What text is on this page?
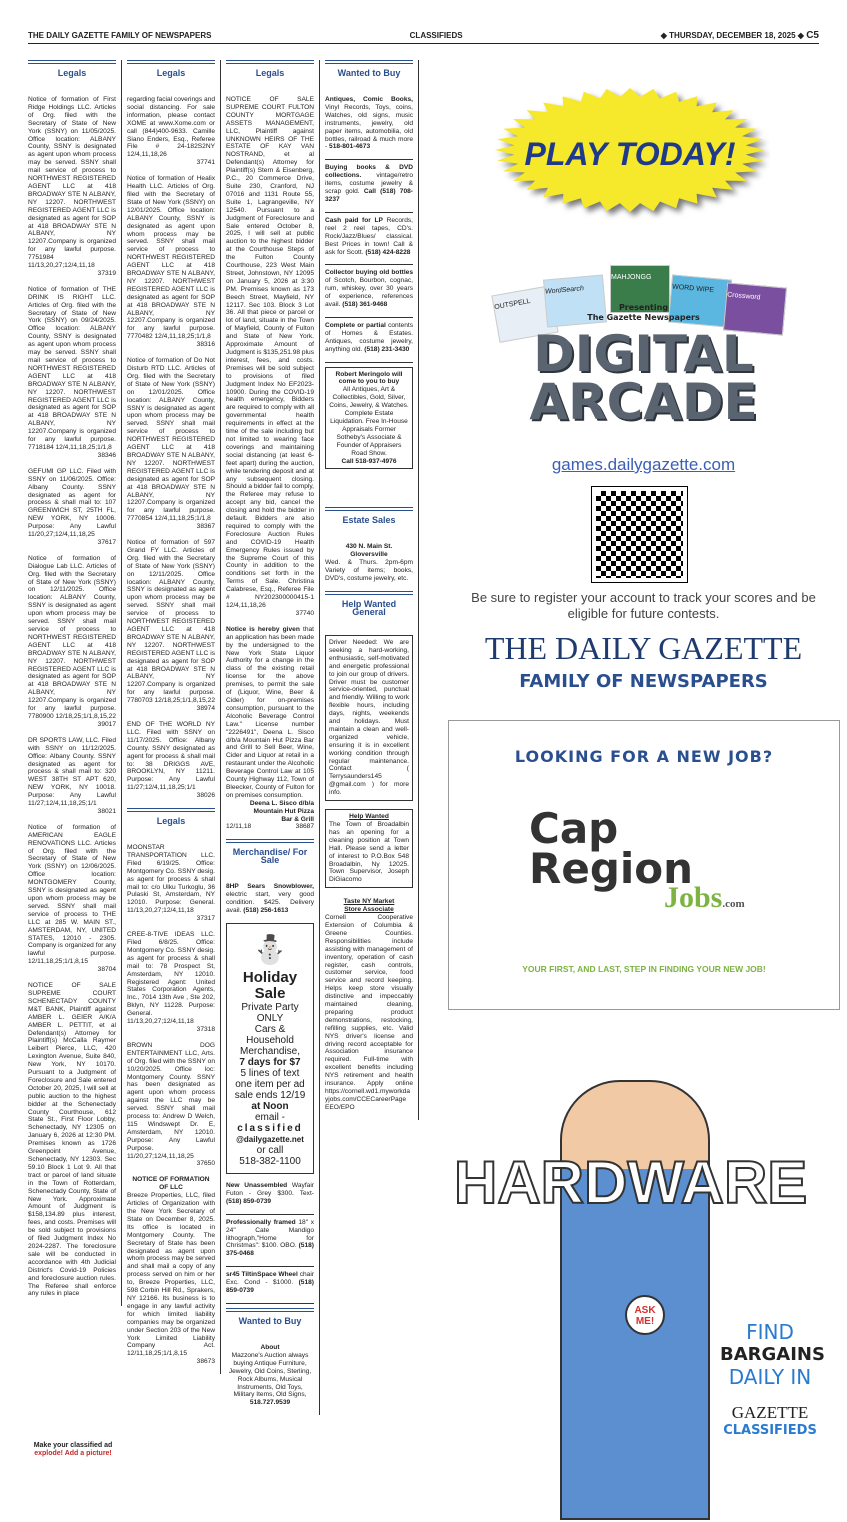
THE DAILY GAZETTE FAMILY OF NEWSPAPERS	CLASSIFIEDS	◆ THURSDAY, DECEMBER 18, 2025 ◆ C5
Legals

Notice of formation of First Ridge Holdings LLC. Articles of Org. filed with the Secretary of State of New York (SSNY) on 11/05/2025. Office location: ALBANY County, SSNY is designated as agent upon whom process may be served. SSNY shall mail service of process to NORTHWEST REGISTERED AGENT LLC at 418 BROADWAY STE N ALBANY, NY 12207. NORTHWEST REGISTERED AGENT LLC is designated as agent for SOP at 418 BROADWAY STE N ALBANY, NY 12207.Company is organized for any lawful purpose. 7751984 11/13,20,27;12/4,11,18

37319

Notice of formation of THE DRINK IS RIGHT LLC. Articles of Org. filed with the Secretary of State of New York (SSNY) on 09/24/2025. Office location: ALBANY County, SSNY is designated as agent upon whom process may be served. SSNY shall mail service of process to NORTHWEST REGISTERED AGENT LLC at 418 BROADWAY STE N ALBANY, NY 12207. NORTHWEST REGISTERED AGENT LLC is designated as agent for SOP at 418 BROADWAY STE N ALBANY, NY 12207.Company is organized for any lawful purpose. 7718184 12/4,11,18,25;1/1,8

38346

GEFUMI GP LLC. Filed with SSNY on 11/06/2025. Office: Albany County. SSNY designated as agent for process & shall mail to: 107 GREENWICH ST, 25TH FL, NEW YORK, NY 10006. Purpose: Any Lawful 11/20,27;12/4,11,18,25

37617

Notice of formation of Dialogue Lab LLC. Articles of Org. filed with the Secretary of State of New York (SSNY) on 12/11/2025. Office location: ALBANY County, SSNY is designated as agent upon whom process may be served. SSNY shall mail service of process to NORTHWEST REGISTERED AGENT LLC at 418 BROADWAY STE N ALBANY, NY 12207. NORTHWEST REGISTERED AGENT LLC is designated as agent for SOP at 418 BROADWAY STE N ALBANY, NY 12207.Company is organized for any lawful purpose. 7780900 12/18,25;1/1,8,15,22

39017

DR SPORTS LAW, LLC. Filed with SSNY on 11/12/2025. Office: Albany County. SSNY designated as agent for process & shall mail to: 320 WEST 38TH ST APT 620, NEW YORK, NY 10018. Purpose: Any Lawful 11/27;12/4,11,18,25;1/1

38021

Notice of formation of AMERICAN EAGLE RENOVATIONS LLC. Articles of Org. filed with the Secretary of State of New York (SSNY) on 12/06/2025. Office location: MONTGOMERY County, SSNY is designated as agent upon whom process may be served. SSNY shall mail service of process to THE LLC at 285 W. MAIN ST., AMSTERDAM, NY, UNITED STATES, 12010 - 2305. Company is organized for any lawful purpose. 12/11,18,25;1/1,8,15

38704

NOTICE OF SALE SUPREME COURT SCHENECTADY COUNTY M&T BANK, Plaintiff against AMBER L. GEIER A/K/A AMBER L. PETTIT, et al Defendant(s) Attorney for Plaintiff(s) McCalla Raymer Leibert Pierce, LLC, 420 Lexington Avenue, Suite 840, New York, NY 10170. Pursuant to a Judgment of Foreclosure and Sale entered October 20, 2025, I will sell at public auction to the highest bidder at the Schenectady County Courthouse, 612 State St., First Floor Lobby, Schenectady, NY 12305 on January 6, 2026 at 12:30 PM. Premises known as 1726 Greenpoint Avenue, Schenectady, NY 12303. Sec 59.10 Block 1 Lot 9. All that tract or parcel of land situate in the Town of Rotterdam, Schenectady County, State of New York. Approximate Amount of Judgment is $158,134.89 plus interest, fees, and costs. Premises will be sold subject to provisions of filed Judgment Index No 2024-2287. The foreclosure sale will be conducted in accordance with 4th Judicial District's Covid-19 Policies and foreclosure auction rules. The Referee shall enforce any rules in place

Make your classified ad
explode! Add a picture!
Legals

regarding facial coverings and social distancing. For sale information, please contact XOME at www.Xome.com or call (844)400-9633. Camille Siano Enders, Esq., Referee File # 24-182S2NY 12/4,11,18,26

37741

Notice of formation of Healix Health LLC. Articles of Org. filed with the Secretary of State of New York (SSNY) on 12/01/2025. Office location: ALBANY County, SSNY is designated as agent upon whom process may be served. SSNY shall mail service of process to NORTHWEST REGISTERED AGENT LLC at 418 BROADWAY STE N ALBANY, NY 12207. NORTHWEST REGISTERED AGENT LLC is designated as agent for SOP at 418 BROADWAY STE N ALBANY, NY 12207.Company is organized for any lawful purpose. 7770482 12/4,11,18,25;1/1,8

38316

Notice of formation of Do Not Disturb RTD LLC. Articles of Org. filed with the Secretary of State of New York (SSNY) on 12/01/2025. Office location: ALBANY County, SSNY is designated as agent upon whom process may be served. SSNY shall mail service of process to NORTHWEST REGISTERED AGENT LLC at 418 BROADWAY STE N ALBANY, NY 12207. NORTHWEST REGISTERED AGENT LLC is designated as agent for SOP at 418 BROADWAY STE N ALBANY, NY 12207.Company is organized for any lawful purpose. 7770854 12/4,11,18,25;1/1,8

38367

Notice of formation of 597 Grand FY LLC. Articles of Org. filed with the Secretary of State of New York (SSNY) on 12/11/2025. Office location: ALBANY County, SSNY is designated as agent upon whom process may be served. SSNY shall mail service of process to NORTHWEST REGISTERED AGENT LLC at 418 BROADWAY STE N ALBANY, NY 12207. NORTHWEST REGISTERED AGENT LLC is designated as agent for SOP at 418 BROADWAY STE N ALBANY, NY 12207.Company is organized for any lawful purpose. 7780703 12/18,25;1/1,8,15,22

38974

END OF THE WORLD NY LLC. Filed with SSNY on 11/17/2025. Office: Albany County. SSNY designated as agent for process & shall mail to: 38 DRIGGS AVE, BROOKLYN, NY 11211. Purpose: Any Lawful 11/27;12/4,11,18,25;1/1

38026

Legals

MOONSTAR TRANSPORTATION LLC. Filed 6/19/25. Office: Montgomery Co. SSNY desig. as agent for process & shall mail to: c/o Ulku Turkoglu, 36 Pulaski St, Amsterdam, NY 12010. Purpose: General. 11/13,20,27;12/4,11,18

37317

CREE-8-TIVE IDEAS LLC. Filed 6/8/25. Office: Montgomery Co. SSNY desig. as agent for process & shall mail to: 78 Prospect St, Amsterdam, NY 12010. Registered Agent: United States Corporation Agents, Inc., 7014 13th Ave , Ste 202, Bklyn, NY 11228. Purpose: General. 11/13,20,27;12/4,11,18

37318

BROWN DOG ENTERTAINMENT LLC, Arts. of Org. filed with the SSNY on 10/20/2025. Office loc: Montgomery County. SSNY has been designated as agent upon whom process against the LLC may be served. SSNY shall mail process to: Andrew D Welch, 115 Windswept Dr. E, Amsterdam, NY 12010. Purpose: Any Lawful Purpose. 11/20,27;12/4,11,18,25

37650

NOTICE OF FORMATION OF LLC

Breeze Properties, LLC, filed Articles of Organization with the New York Secretary of State on December 8, 2025. Its office is located in Montgomery County. The Secretary of State has been designated as agent upon whom process may be served and shall mail a copy of any process served on him or her to, Breeze Properties, LLC, 598 Corbin Hill Rd., Sprakers, NY 12166. Its business is to engage in any lawful activity for which limited liability companies may be organized under Section 203 of the New York Limited Liability Company Act. 12/11,18,25;1/1,8,15

38673

Legals

NOTICE OF SALE SUPREME COURT FULTON COUNTY MORTGAGE ASSETS MANAGEMENT, LLC, Plaintiff against UNKNOWN HEIRS OF THE ESTATE OF KAY VAN NOSTRAND, et al Defendant(s) Attorney for Plaintiff(s) Stern & Eisenberg, P.C., 20 Commerce Drive, Suite 230, Cranford, NJ 07016 and 1131 Route 55, Suite 1, Lagrangeville, NY 12540. Pursuant to a Judgment of Foreclosure and Sale entered October 8, 2025, I will sell at public auction to the highest bidder at the Courthouse Steps of the Fulton County Courthouse, 223 West Main Street, Johnstown, NY 12095 on January 5, 2026 at 3:30 PM. Premises known as 173 Beech Street, Mayfield, NY 12117. Sec 103. Block 3 Lot 36. All that piece or parcel or lot of land, situate in the Town of Mayfield, County of Fulton and State of New York. Approximate Amount of Judgment is $135,251.98 plus interest, fees, and costs. Premises will be sold subject to provisions of filed Judgment Index No EF2023-10900. During the COVID-19 health emergency, Bidders are required to comply with all governmental health requirements in effect at the time of the sale including but not limited to wearing face coverings and maintaining social distancing (at least 6-feet apart) during the auction, while tendering deposit and at any subsequent closing. Should a bidder fail to comply, the Referee may refuse to accept any bid, cancel the closing and hold the bidder in default. Bidders are also required to comply with the Foreclosure Auction Rules and COVID-19 Health Emergency Rules issued by the Supreme Court of this County in addition to the conditions set forth in the Terms of Sale. Christina Calabrese, Esq., Referee File # NY202300000415-1 12/4,11,18,26

37740

Notice is hereby given that an application has been made by the undersigned to the New York State Liquor Authority for a change in the class of the existing retail license for the above premises, to permit the sale of (Liquor, Wine, Beer & Cider) for on-premises consumption, pursuant to the Alcoholic Beverage Control Law." License number "2226491", Deena L. Sisco d/b/a Mountain Hut Pizza Bar and Grill to Sell Beer, Wine, Cider and Liquor at retail in a restaurant under the Alcoholic Beverage Control Law at 105 County Highway 112, Town of Bleecker, County of Fulton for on premises consumption.

Deena L. Sisco d/b/a

Mountain Hut Pizza

Bar & Grill

12/11,18	38687

Merchandise/ For Sale
8HP Sears Snowblower, electric start, very good condition. $425. Delivery avail. (518) 256-1613
⛄
Holiday
Sale
Private Party
ONLY
Cars &
Household
Merchandise,
7 days for $7
5 lines of text
one item per ad
sale ends 12/19
at Noon
email -
classified
@dailygazette.net
or call
518-382-1100
New Unassembled Wayfair Futon - Grey $300. Text- (518) 859-0739
Professionally framed 18" x 24" Cate Mandigo lithograph,"Home for Christmas": $100. OBO. (518) 375-0468
sr45 TiltinSpace Wheel chair Exc. Cond - $1000. (518) 859-0739
Wanted to Buy
About
Mazzone's Auction always buying Antique Furniture, Jewelry, Old Coins, Sterling, Rock Albums, Musical Instruments, Old Toys, Military Items, Old Signs,
518.727.9539
Wanted to Buy
Antiques, Comic Books, Vinyl Records, Toys, coins, Watches, old signs, music instruments, jewelry, old paper items, automobilia, old bottles, railroad & much more - 518-801-4673
Buying books & DVD collections. vintage/retro items, costume jewelry & scrap gold. Call (518) 708-3237
Cash paid for LP Records, reel 2 reel tapes, CD's. Rock/Jazz/Blues/ classical. Best Prices in town! Call & ask for Scott. (518) 424-8228
Collector buying old bottles of Scotch, Bourbon, cognac, rum, whiskey, over 30 years of experience, references avail. (518) 361-9468
Complete or partial contents of Homes & Estates. Antiques, costume jewelry, anything old. (518) 231-3430
Robert Meringolo will come to you to buy
All Antiques, Art & Collectibles, Gold, Silver, Coins, Jewelry, & Watches. Complete Estate Liquidation. Free In-House Appraisals Former Sotheby's Associate & Founder of Appraisers Road Show.
Call 518-937-4976
Estate Sales
430 N. Main St.
Gloversville
Wed. & Thurs. 2pm-6pm Variety of items; books, DVD's, costume jewelry, etc.
Help Wanted General
Driver Needed: We are seeking a hard-working, enthusiastic, self-motivated and energetic professional to join our group of drivers. Driver must be customer service-oriented, punctual and friendly. Willing to work flexible hours, including days, nights, weekends and holidays. Must maintain a clean and well-organized vehicle, ensuring it is in excellent working condition through regular maintenance. Contact ( Terrysaunders145 @gmail.com ) for more info.
Help Wanted
The Town of Broadalbin has an opening for a cleaning position at Town Hall. Please send a letter of interest to P.O.Box 548 Broadalbin, Ny 12025. Town Supervisor, Joseph DiGiacomo
Taste NY Market
Store Associate
Cornell Cooperative Extension of Columbia & Greene Counties. Responsibilities include assisting with management of inventory, operation of cash register, cash controls, customer service, food service and record keeping. Helps keep store visually distinctive and impeccably maintained cleaning, preparing product demonstrations, restocking, refilling supplies, etc. Valid NYS driver's license and driving record acceptable for Association insurance required. Full-time with excellent benefits including NYS retirement and health insurance. Apply online https://cornell.wd1.myworkdayjobs.com/CCECareerPage EEO/EPO
PLAY TODAY!
OUTSPELL
WordSearch
MAHJONGG
WORD WIPE
Crossword
Presenting
The Gazette Newspapers
DIGITAL
ARCADE
games.dailygazette.com
Be sure to register your account to track your scores and be eligible for future contests.
THE DAILY GAZETTE
FAMILY OF NEWSPAPERS
LOOKING FOR A NEW JOB?
Cap
Region
Jobs.com
YOUR FIRST, AND LAST, STEP IN FINDING YOUR NEW JOB!
HARDWARE
ASK ME!	FIND
BARGAINS
DAILY IN
GAZETTE
CLASSIFIEDS
